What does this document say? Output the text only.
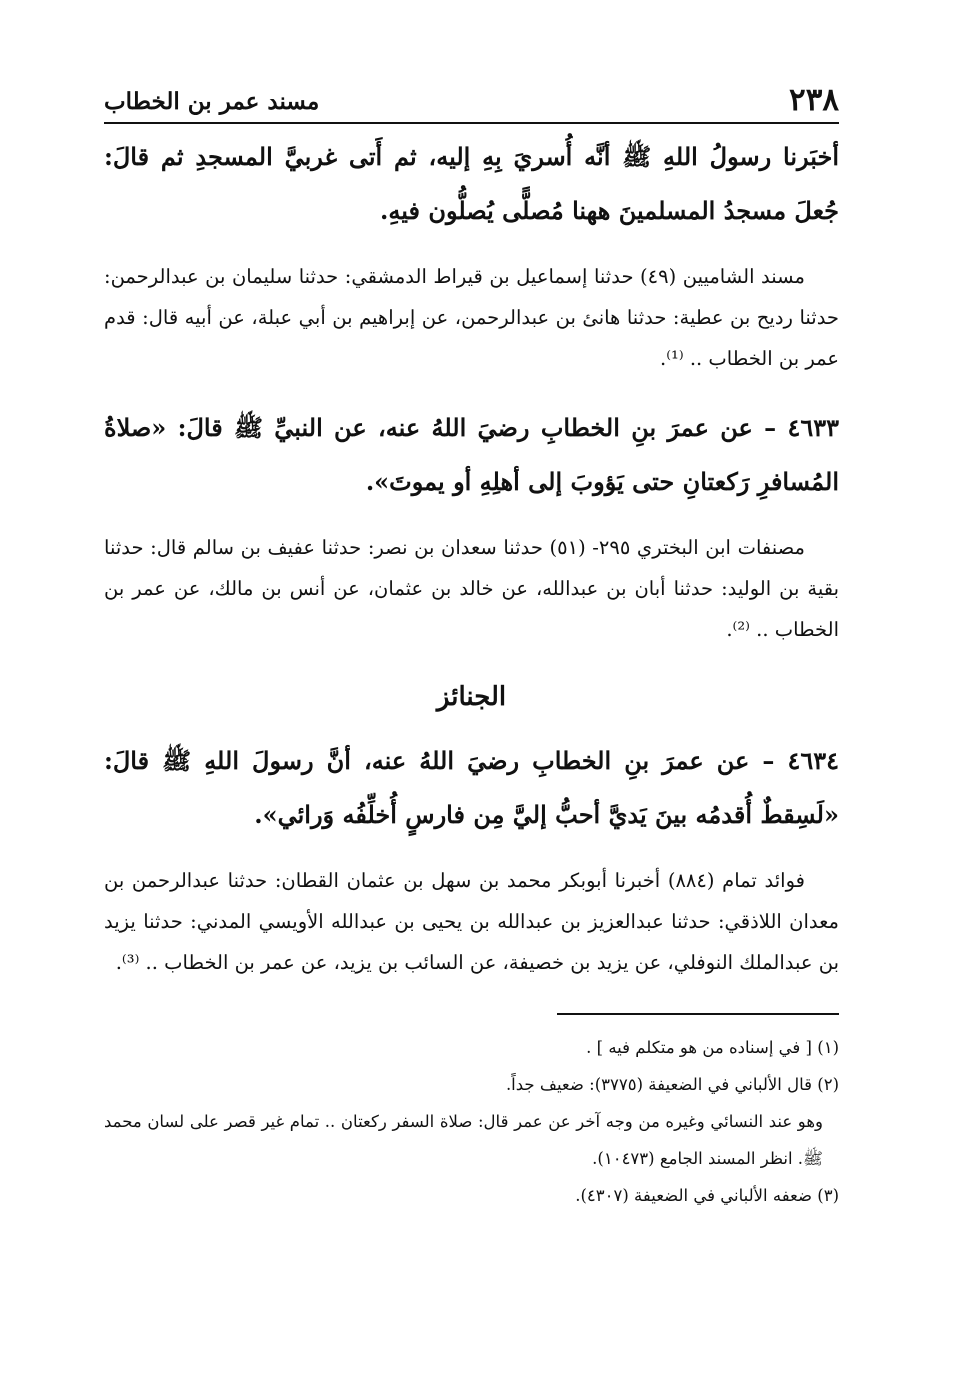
٢٣٨
مسند عمر بن الخطاب

أخبَرنا رسولُ اللهِ ﷺ أنَّه أُسريَ بِهِ إليه، ثم أَتى غربيَّ المسجدِ ثم قالَ: جُعلَ مسجدُ المسلمينَ ههنا مُصلًّى يُصلُّون فيهِ.

مسند الشاميين (٤٩) حدثنا إسماعيل بن قيراط الدمشقي: حدثنا سليمان بن عبدالرحمن: حدثنا رديح بن عطية: حدثنا هانئ بن عبدالرحمن، عن إبراهيم بن أبي عبلة، عن أبيه قال: قدم عمر بن الخطاب .. ⁽¹⁾.

٤٦٣٣ – عن عمرَ بنِ الخطابِ رضيَ اللهُ عنه، عن النبيِّ ﷺ قالَ: «صلاةُ المُسافرِ رَكعتانِ حتى يَؤوبَ إلى أهلِهِ أو يموتَ».

مصنفات ابن البختري ٢٩٥- (٥١) حدثنا سعدان بن نصر: حدثنا عفيف بن سالم قال: حدثنا بقية بن الوليد: حدثنا أبان بن عبدالله، عن خالد بن عثمان، عن أنس بن مالك، عن عمر بن الخطاب .. ⁽²⁾.

الجنائز

٤٦٣٤ – عن عمرَ بنِ الخطابِ رضيَ اللهُ عنه، أنَّ رسولَ اللهِ ﷺ قالَ: «لَسِقطٌ أُقدمُه بينَ يَديَّ أحبُّ إليَّ مِن فارسٍ أُخلِّفُه وَرائي».

فوائد تمام (٨٨٤) أخبرنا أبوبكر محمد بن سهل بن عثمان القطان: حدثنا عبدالرحمن بن معدان اللاذقي: حدثنا عبدالعزيز بن عبدالله بن يحيى بن عبدالله الأويسي المدني: حدثنا يزيد بن عبدالملك النوفلي، عن يزيد بن خصيفة، عن السائب بن يزيد، عن عمر بن الخطاب .. ⁽³⁾.

(١) [ في إسناده من هو متكلم فيه ] .

(٢) قال الألباني في الضعيفة (٣٧٧٥): ضعيف جداً.

وهو عند النسائي وغيره من وجه آخر عن عمر قال: صلاة السفر ركعتان .. تمام غير قصر على لسان محمد ﷺ. انظر المسند الجامع (١٠٤٧٣).

(٣) ضعفه الألباني في الضعيفة (٤٣٠٧).
